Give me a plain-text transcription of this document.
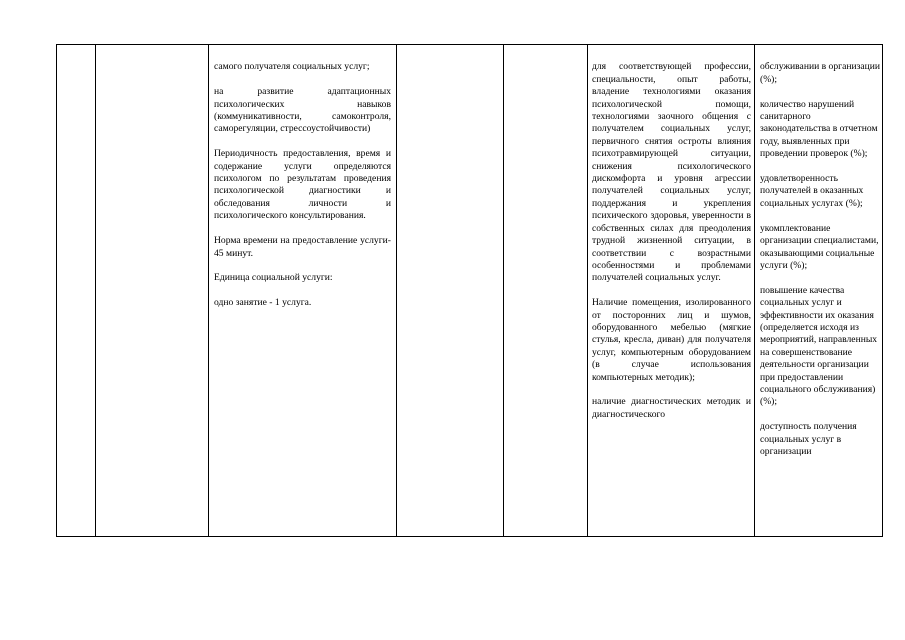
самого получателя социальных услуг;

на развитие адаптационных психологических навыков (коммуникативности, самоконтроля, саморегуляции, стрессоустойчивости)

Периодичность предоставления, время и содержание услуги определяются психологом по результатам проведения психологической диагностики и обследования личности и психологического консультирования.

Норма времени на предоставление услуги- 45 минут.

Единица социальной услуги:

одно занятие - 1 услуга.

для соответствующей профессии, специальности, опыт работы, владение технологиями оказания психологической помощи, технологиями заочного общения с получателем социальных услуг, первичного снятия остроты влияния психотравмирующей ситуации, снижения психологического дискомфорта и уровня агрессии получателей социальных услуг, поддержания и укрепления психического здоровья, уверенности в собственных силах для преодоления трудной жизненной ситуации, в соответствии с возрастными особенностями и проблемами получателей социальных услуг.

Наличие помещения, изолированного от посторонних лиц и шумов, оборудованного мебелью (мягкие стулья, кресла, диван) для получателя услуг, компьютерным оборудованием (в случае использования компьютерных методик);

наличие диагностических методик и диагностического

обслуживании в организации (%);

количество нарушений санитарного законодательства в отчетном году, выявленных при проведении проверок (%);

удовлетворенность получателей в оказанных социальных услугах (%);

укомплектование организации специалистами, оказывающими социальные услуги (%);

повышение качества социальных услуг и эффективности их оказания (определяется исходя из мероприятий, направленных на совершенствование деятельности организации при предоставлении социального обслуживания) (%);

доступность получения социальных услуг в организации
